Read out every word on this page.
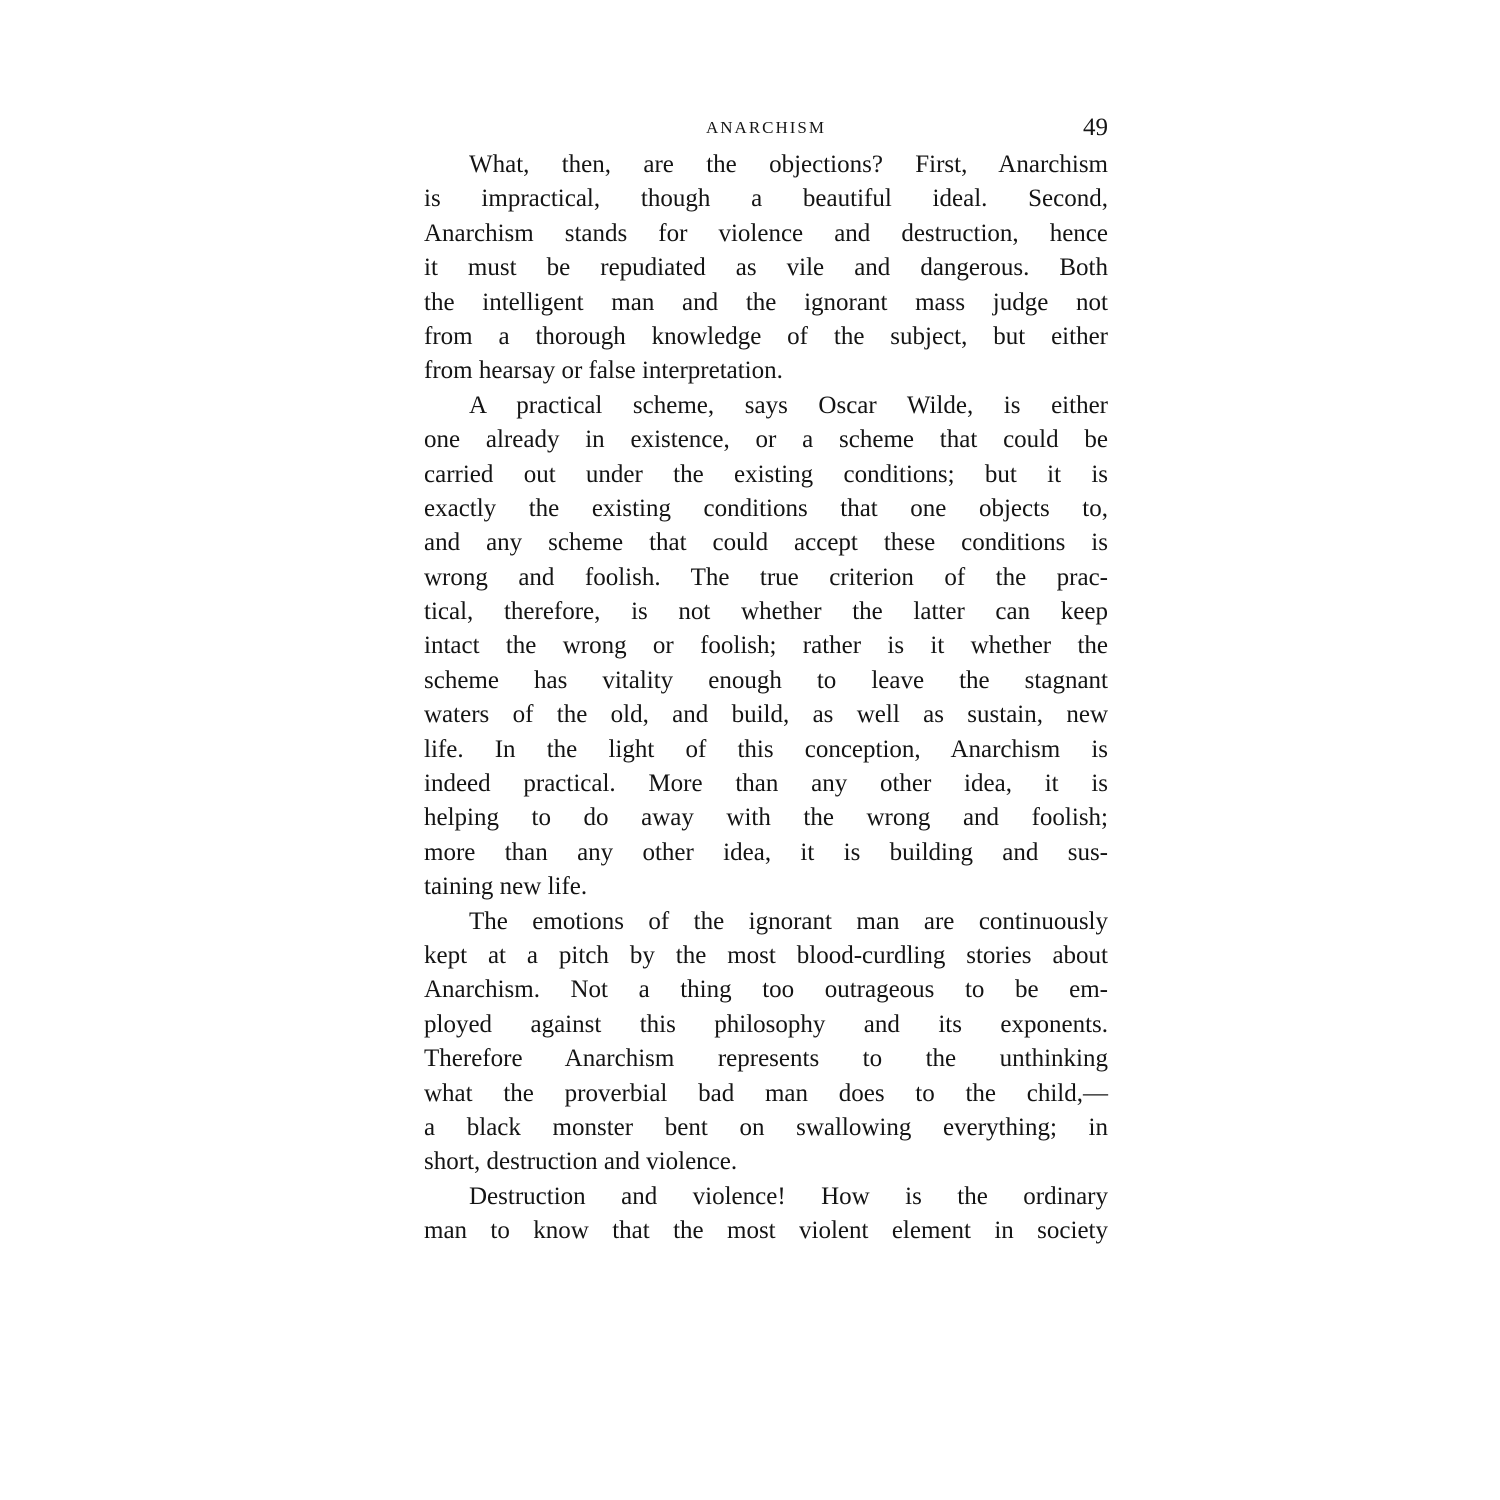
ANARCHISM	49
What, then, are the objections? First, Anarchism
is impractical, though a beautiful ideal. Second,
Anarchism stands for violence and destruction, hence
it must be repudiated as vile and dangerous. Both
the intelligent man and the ignorant mass judge not
from a thorough knowledge of the subject, but either
from hearsay or false interpretation.
A practical scheme, says Oscar Wilde, is either
one already in existence, or a scheme that could be
carried out under the existing conditions; but it is
exactly the existing conditions that one objects to,
and any scheme that could accept these conditions is
wrong and foolish. The true criterion of the prac-
tical, therefore, is not whether the latter can keep
intact the wrong or foolish; rather is it whether the
scheme has vitality enough to leave the stagnant
waters of the old, and build, as well as sustain, new
life. In the light of this conception, Anarchism is
indeed practical. More than any other idea, it is
helping to do away with the wrong and foolish;
more than any other idea, it is building and sus-
taining new life.
The emotions of the ignorant man are continuously
kept at a pitch by the most blood-curdling stories about
Anarchism. Not a thing too outrageous to be em-
ployed against this philosophy and its exponents.
Therefore Anarchism represents to the unthinking
what the proverbial bad man does to the child,—
a black monster bent on swallowing everything; in
short, destruction and violence.
Destruction and violence! How is the ordinary
man to know that the most violent element in society
